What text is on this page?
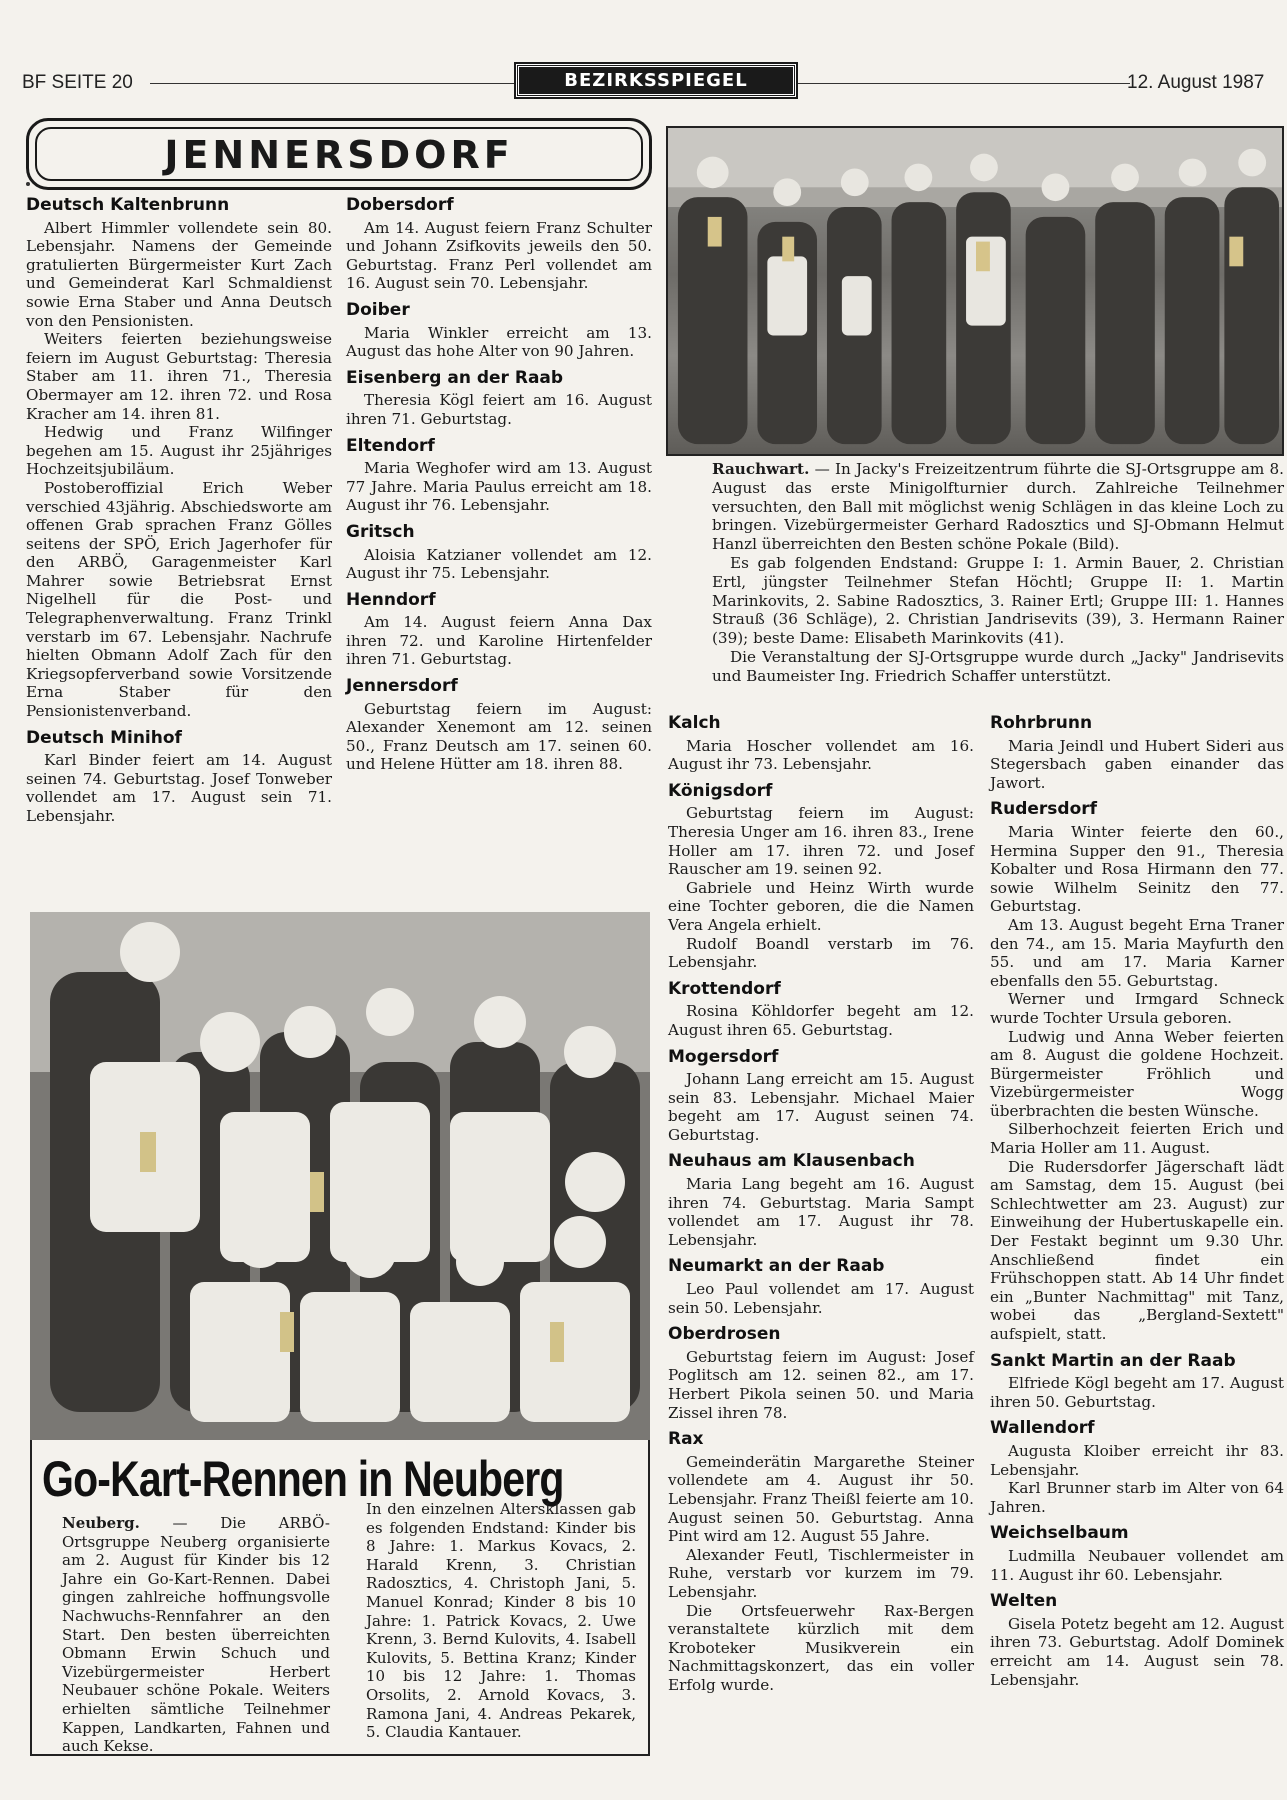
BF SEITE 20	BEZIRKSSPIEGEL	12. August 1987
JENNERSDORF
Deutsch Kaltenbrunn

Albert Himmler vollendete sein 80. Lebensjahr. Namens der Gemeinde gratulierten Bürgermeister Kurt Zach und Gemeinderat Karl Schmaldienst sowie Erna Staber und Anna Deutsch von den Pensionisten.

Weiters feierten beziehungsweise feiern im August Geburtstag: Theresia Staber am 11. ihren 71., Theresia Obermayer am 12. ihren 72. und Rosa Kracher am 14. ihren 81.

Hedwig und Franz Wilfinger begehen am 15. August ihr 25jähriges Hochzeitsjubiläum.

Postoberoffizial Erich Weber verschied 43jährig. Abschiedsworte am offenen Grab sprachen Franz Gölles seitens der SPÖ, Erich Jagerhofer für den ARBÖ, Garagenmeister Karl Mahrer sowie Betriebsrat Ernst Nigelhell für die Post- und Telegraphenverwaltung. Franz Trinkl verstarb im 67. Lebensjahr. Nachrufe hielten Obmann Adolf Zach für den Kriegsopferverband sowie Vorsitzende Erna Staber für den Pensionistenverband.

Deutsch Minihof

Karl Binder feiert am 14. August seinen 74. Geburtstag. Josef Tonweber vollendet am 17. August sein 71. Lebensjahr.

Dobersdorf

Am 14. August feiern Franz Schulter und Johann Zsifkovits jeweils den 50. Geburtstag. Franz Perl vollendet am 16. August sein 70. Lebensjahr.

Doiber

Maria Winkler erreicht am 13. August das hohe Alter von 90 Jahren.

Eisenberg an der Raab

Theresia Kögl feiert am 16. August ihren 71. Geburtstag.

Eltendorf

Maria Weghofer wird am 13. August 77 Jahre. Maria Paulus erreicht am 18. August ihr 76. Lebensjahr.

Gritsch

Aloisia Katzianer vollendet am 12. August ihr 75. Lebensjahr.

Henndorf

Am 14. August feiern Anna Dax ihren 72. und Karoline Hirtenfelder ihren 71. Geburtstag.

Jennersdorf

Geburtstag feiern im August: Alexander Xenemont am 12. seinen 50., Franz Deutsch am 17. seinen 60. und Helene Hütter am 18. ihren 88.

Rauchwart. — In Jacky's Freizeitzentrum führte die SJ-Ortsgruppe am 8. August das erste Minigolfturnier durch. Zahlreiche Teilnehmer versuchten, den Ball mit möglichst wenig Schlägen in das kleine Loch zu bringen. Vizebürgermeister Gerhard Radosztics und SJ-Obmann Helmut Hanzl überreichten den Besten schöne Pokale (Bild).

Es gab folgenden Endstand: Gruppe I: 1. Armin Bauer, 2. Christian Ertl, jüngster Teilnehmer Stefan Höchtl; Gruppe II: 1. Martin Marinkovits, 2. Sabine Radosztics, 3. Rainer Ertl; Gruppe III: 1. Hannes Strauß (36 Schläge), 2. Christian Jandrisevits (39), 3. Hermann Rainer (39); beste Dame: Elisabeth Marinkovits (41).

Die Veranstaltung der SJ-Ortsgruppe wurde durch „Jacky" Jandrisevits und Baumeister Ing. Friedrich Schaffer unterstützt.

Kalch

Maria Hoscher vollendet am 16. August ihr 73. Lebensjahr.

Königsdorf

Geburtstag feiern im August: Theresia Unger am 16. ihren 83., Irene Holler am 17. ihren 72. und Josef Rauscher am 19. seinen 92.

Gabriele und Heinz Wirth wurde eine Tochter geboren, die die Namen Vera Angela erhielt.

Rudolf Boandl verstarb im 76. Lebensjahr.

Krottendorf

Rosina Köhldorfer begeht am 12. August ihren 65. Geburtstag.

Mogersdorf

Johann Lang erreicht am 15. August sein 83. Lebensjahr. Michael Maier begeht am 17. August seinen 74. Geburtstag.

Neuhaus am Klausenbach

Maria Lang begeht am 16. August ihren 74. Geburtstag. Maria Sampt vollendet am 17. August ihr 78. Lebensjahr.

Neumarkt an der Raab

Leo Paul vollendet am 17. August sein 50. Lebensjahr.

Oberdrosen

Geburtstag feiern im August: Josef Poglitsch am 12. seinen 82., am 17. Herbert Pikola seinen 50. und Maria Zissel ihren 78.

Rax

Gemeinderätin Margarethe Steiner vollendete am 4. August ihr 50. Lebensjahr. Franz Theißl feierte am 10. August seinen 50. Geburtstag. Anna Pint wird am 12. August 55 Jahre.

Alexander Feutl, Tischlermeister in Ruhe, verstarb vor kurzem im 79. Lebensjahr.

Die Ortsfeuerwehr Rax-Bergen veranstaltete kürzlich mit dem Kroboteker Musikverein ein Nachmittagskonzert, das ein voller Erfolg wurde.

Rohrbrunn

Maria Jeindl und Hubert Sideri aus Stegersbach gaben einander das Jawort.

Rudersdorf

Maria Winter feierte den 60., Hermina Supper den 91., Theresia Kobalter und Rosa Hirmann den 77. sowie Wilhelm Seinitz den 77. Geburtstag.

Am 13. August begeht Erna Traner den 74., am 15. Maria Mayfurth den 55. und am 17. Maria Karner ebenfalls den 55. Geburtstag.

Werner und Irmgard Schneck wurde Tochter Ursula geboren.

Ludwig und Anna Weber feierten am 8. August die goldene Hochzeit. Bürgermeister Fröhlich und Vizebürgermeister Wogg überbrachten die besten Wünsche.

Silberhochzeit feierten Erich und Maria Holler am 11. August.

Die Rudersdorfer Jägerschaft lädt am Samstag, dem 15. August (bei Schlechtwetter am 23. August) zur Einweihung der Hubertuskapelle ein. Der Festakt beginnt um 9.30 Uhr. Anschließend findet ein Frühschoppen statt. Ab 14 Uhr findet ein „Bunter Nachmittag" mit Tanz, wobei das „Bergland-Sextett" aufspielt, statt.

Sankt Martin an der Raab

Elfriede Kögl begeht am 17. August ihren 50. Geburtstag.

Wallendorf

Augusta Kloiber erreicht ihr 83. Lebensjahr.

Karl Brunner starb im Alter von 64 Jahren.

Weichselbaum

Ludmilla Neubauer vollendet am 11. August ihr 60. Lebensjahr.

Welten

Gisela Potetz begeht am 12. August ihren 73. Geburtstag. Adolf Dominek erreicht am 14. August sein 78. Lebensjahr.

Go-Kart-Rennen in Neuberg
Neuberg. — Die ARBÖ-Ortsgruppe Neuberg organisierte am 2. August für Kinder bis 12 Jahre ein Go-Kart-Rennen. Dabei gingen zahlreiche hoffnungsvolle Nachwuchs-Rennfahrer an den Start. Den besten überreichten Obmann Erwin Schuch und Vizebürgermeister Herbert Neubauer schöne Pokale. Weiters erhielten sämtliche Teilnehmer Kappen, Landkarten, Fahnen und auch Kekse.
In den einzelnen Altersklassen gab es folgenden Endstand: Kinder bis 8 Jahre: 1. Markus Kovacs, 2. Harald Krenn, 3. Christian Radosztics, 4. Christoph Jani, 5. Manuel Konrad; Kinder 8 bis 10 Jahre: 1. Patrick Kovacs, 2. Uwe Krenn, 3. Bernd Kulovits, 4. Isabell Kulovits, 5. Bettina Kranz; Kinder 10 bis 12 Jahre: 1. Thomas Orsolits, 2. Arnold Kovacs, 3. Ramona Jani, 4. Andreas Pekarek, 5. Claudia Kantauer.
